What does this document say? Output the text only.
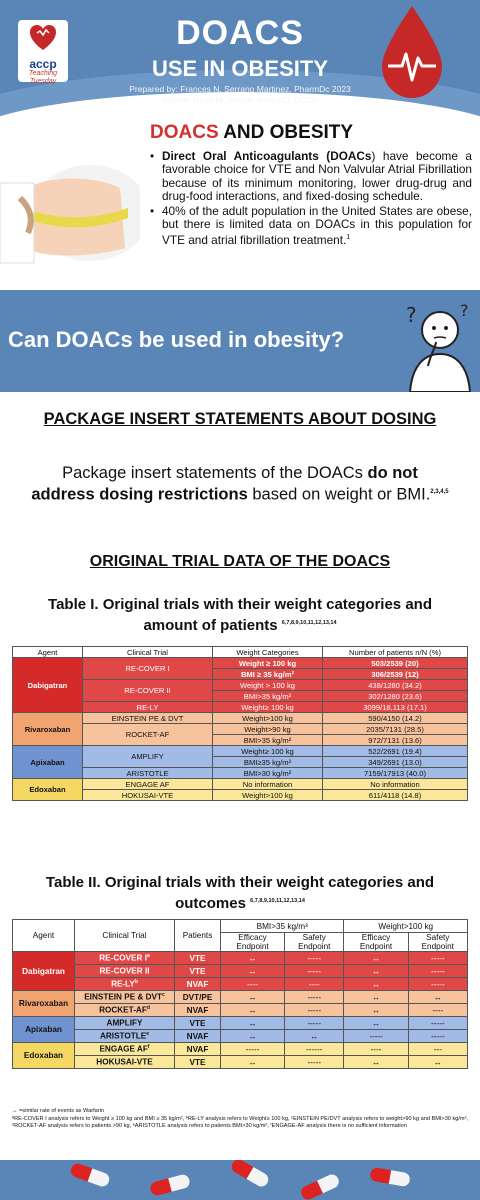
accp
Teaching Tuesday
DOACS
USE IN OBESITY
Prepared by: Frances N. Serrano Martinez, PharmDc 2023
Mentor: Ryan M. Vesper, PharmD, BCCP
DOACS AND OBESITY
• Direct Oral Anticoagulants (DOACs) have become a favorable choice for VTE and Non Valvular Atrial Fibrillation because of its minimum monitoring, lower drug-drug and drug-food interactions, and fixed-dosing schedule.
• 40% of the adult population in the United States are obese, but there is limited data on DOACs in this population for VTE and atrial fibrillation treatment.$^1$
Can DOACs be used in obesity?
?	?
PACKAGE INSERT STATEMENTS ABOUT DOSING

Package insert statements of the DOACs do not address dosing restrictions based on weight or BMI.$^{2,3,4,5}$

ORIGINAL TRIAL DATA OF THE DOACS
Table I. Original trials with their weight categories and amount of patients $^{6,7,8,9,10,11,12,13,14}$
Agent	Clinical Trial	Weight Categories	Number of patients n/N (%)
Dabigatran	RE-COVER I	Weight ≥ 100 kg	503/2539 (20)
		BMI ≥ 35 kg/m²	306/2539 (12)
	RE-COVER II	Weight > 100 kg	438/1280 (34.2)
		BMI>35 kg/m²	302/1280 (23.6)
	RE-LY	Weight≥ 100 kg	3099/18,113 (17.1)
Rivaroxaban	EINSTEIN PE & DVT	Weight>100 kg	590/4150 (14.2)
	ROCKET-AF	Weight>90 kg	2035/7131 (28.5)
		BMI>35 kg/m²	972/7131 (13.6)
Apixaban	AMPLIFY	Weight≥ 100 kg	522/2691 (19.4)
		BMI≥35 kg/m²	349/2691 (13.0)
	ARISTOTLE	BMI>30 kg/m²	7159/17913 (40.0)
Edoxaban	ENGAGE AF	No information	No information
	HOKUSAI-VTE	Weight>100 kg	611/4118 (14.8)
Table II. Original trials with their weight categories and outcomes $^{6,7,8,9,10,11,12,13,14}$
Agent	Clinical Trial	Patients	BMI>35 kg/m³		Weight>100 kg	
			Efficacy Endpoint	Safety Endpoint	Efficacy Endpoint	Safety Endpoint
Dabigatran	RE-COVER $I^a$	VTE	↔	-----	↔	-----
	RE-COVER II	VTE	↔	-----	↔	-----
	$RE-LY^b$	NVAF	----	----	↔	-----
Rivaroxaban	EINSTEIN PE & DVT$^c$	DVT/PE	↔	-----	↔	↔
	ROCKET-$AF^d$	NVAF	↔	-----	↔	----
Apixaban	AMPLIFY	VTE	↔	-----	↔	-----
	ARISTOTLE$^e$	NVAF	↔	↔	-----	-----
Edoxaban	ENGAGE $AF^f$	NVAF	-----	------	----	---
	HOKUSAI-VTE	VTE	↔	-----	↔	↔
↔ =similar rate of events as Warfarin
ªRE-COVER I analysis refers to Weight ≥ 100 kg and BMI ≥ 35 kg/m², ᵇRE-LY analysis refers to Weight≥ 100 kg, ᶜEINSTEIN PE/DVT analysis refers to weight>90 kg and BMI>30 kg/m², ᵈROCKET-AF analysis refers to patients >90 kg, ᵉARISTOTLE analysis refers to patients BMI>30 kg/m², ᶠENGAGE-AF analysis there is no sufficient information
